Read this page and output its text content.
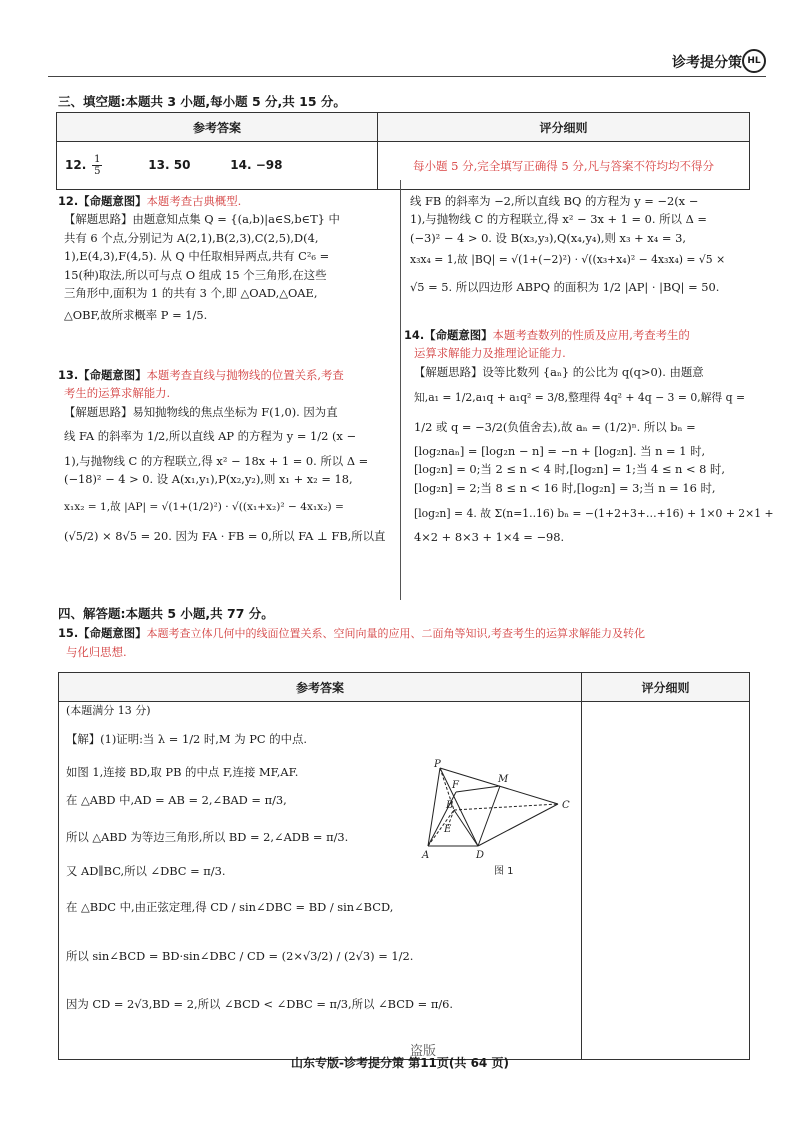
诊考提分策 HL
三、填空题:本题共 3 小题,每小题 5 分,共 15 分。
参考答案	评分细则
12. $\frac{1}{5} 13$. 50 14. −98	每小题 5 分,完全填写正确得 5 分,凡与答案不符均均不得分
12.【命题意图】本题考查古典概型.
【解题思路】由题意知点集 Q = {(a,b)|a∈S,b∈T} 中
共有 6 个点,分别记为 A(2,1),B(2,3),C(2,5),D(4,
1),E(4,3),F(4,5). 从 Q 中任取相异两点,共有 C²₆ =
15(种)取法,所以可与点 O 组成 15 个三角形,在这些
三角形中,面积为 1 的共有 3 个,即 △OAD,△OAE,
△OBF,故所求概率 P = 1/5.
13.【命题意图】本题考查直线与抛物线的位置关系,考查
考生的运算求解能力.
【解题思路】易知抛物线的焦点坐标为 F(1,0). 因为直
线 FA 的斜率为 1/2,所以直线 AP 的方程为 y = 1/2 (x −
1),与抛物线 C 的方程联立,得 x² − 18x + 1 = 0. 所以 Δ =
(−18)² − 4 > 0. 设 A(x₁,y₁),P(x₂,y₂),则 x₁ + x₂ = 18,
x₁x₂ = 1,故 |AP| = √(1+(1/2)²) · √((x₁+x₂)² − 4x₁x₂) =
(√5/2) × 8√5 = 20. 因为 FA · FB = 0,所以 FA ⊥ FB,所以直
线 FB 的斜率为 −2,所以直线 BQ 的方程为 y = −2(x −
1),与抛物线 C 的方程联立,得 x² − 3x + 1 = 0. 所以 Δ =
(−3)² − 4 > 0. 设 B(x₃,y₃),Q(x₄,y₄),则 x₃ + x₄ = 3,
x₃x₄ = 1,故 |BQ| = √(1+(−2)²) · √((x₃+x₄)² − 4x₃x₄) = √5 ×
√5 = 5. 所以四边形 ABPQ 的面积为 1/2 |AP| · |BQ| = 50.
14.【命题意图】本题考查数列的性质及应用,考查考生的
运算求解能力及推理论证能力.
【解题思路】设等比数列 {aₙ} 的公比为 q(q>0). 由题意
知,a₁ = 1/2,a₁q + a₁q² = 3/8,整理得 4q² + 4q − 3 = 0,解得 q =
1/2 或 q = −3/2(负值舍去),故 aₙ = (1/2)ⁿ. 所以 bₙ =
[log₂naₙ] = [log₂n − n] = −n + [log₂n]. 当 n = 1 时,
[log₂n] = 0;当 2 ≤ n < 4 时,[log₂n] = 1;当 4 ≤ n < 8 时,
[log₂n] = 2;当 8 ≤ n < 16 时,[log₂n] = 3;当 n = 16 时,
[log₂n] = 4. 故 Σ(n=1..16) bₙ = −(1+2+3+…+16) + 1×0 + 2×1 +
4×2 + 8×3 + 1×4 = −98.
四、解答题:本题共 5 小题,共 77 分。
15.【命题意图】本题考查立体几何中的线面位置关系、空间向量的应用、二面角等知识,考查考生的运算求解能力及转化
与化归思想.
参考答案	评分细则

(本题满分 13 分)
【解】(1)证明:当 λ = 1/2 时,M 为 PC 的中点.
如图 1,连接 BD,取 PB 的中点 F,连接 MF,AF.
在 △ABD 中,AD = AB = 2,∠BAD = π/3,
所以 △ABD 为等边三角形,所以 BD = 2,∠ADB = π/3.
又 AD∥BC,所以 ∠DBC = π/3.
在 △BDC 中,由正弦定理,得 CD / sin∠DBC = BD / sin∠BCD,
所以 sin∠BCD = BD·sin∠DBC / CD = (2×√3/2) / (2√3) = 1/2.
因为 CD = 2√3,BD = 2,所以 ∠BCD < ∠DBC = π/3,所以 ∠BCD = π/6.
P
F
M
B
E
C
A	D
图 1
山东专版-诊考提分策 第11页(共 64 页)
盗版
